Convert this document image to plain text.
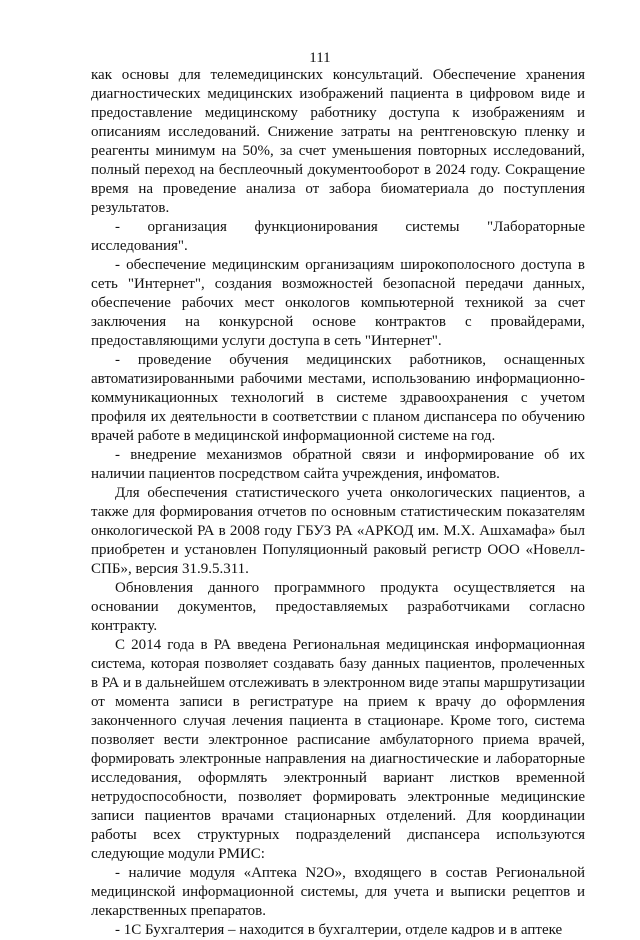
111

как основы для телемедицинских консультаций. Обеспечение хранения диагностических медицинских изображений пациента в цифровом виде и предоставление медицинскому работнику доступа к изображениям и описаниям исследований. Снижение затраты на рентгеновскую пленку и реагенты минимум на 50%, за счет уменьшения повторных исследований, полный переход на бесплеочный документооборот в 2024 году. Сокращение время на проведение анализа от забора биоматериала до поступления результатов.

- организация функционирования системы "Лабораторные исследования".

- обеспечение медицинским организациям широкополосного доступа в сеть "Интернет", создания возможностей безопасной передачи данных, обеспечение рабочих мест онкологов компьютерной техникой за счет заключения на конкурсной основе контрактов с провайдерами, предоставляющими услуги доступа в сеть "Интернет".

- проведение обучения медицинских работников, оснащенных автоматизированными рабочими местами, использованию информационно-коммуникационных технологий в системе здравоохранения с учетом профиля их деятельности в соответствии с планом диспансера по обучению врачей работе в медицинской информационной системе на год.

- внедрение механизмов обратной связи и информирование об их наличии пациентов посредством сайта учреждения, инфоматов.

Для обеспечения статистического учета онкологических пациентов, а также для формирования отчетов по основным статистическим показателям онкологической РА в 2008 году ГБУЗ РА «АРКОД им. М.Х. Ашхамафа» был приобретен и установлен Популяционный раковый регистр ООО «Новелл-СПБ», версия 31.9.5.311.

Обновления данного программного продукта осуществляется на основании документов, предоставляемых разработчиками согласно контракту.

С 2014 года в РА введена Региональная медицинская информационная система, которая позволяет создавать базу данных пациентов, пролеченных в РА и в дальнейшем отслеживать в электронном виде этапы маршрутизации от момента записи в регистратуре на прием к врачу до оформления законченного случая лечения пациента в стационаре. Кроме того, система позволяет вести электронное расписание амбулаторного приема врачей, формировать электронные направления на диагностические и лабораторные исследования, оформлять электронный вариант листков временной нетрудоспособности, позволяет формировать электронные медицинские записи пациентов врачами стационарных отделений. Для координации работы всех структурных подразделений диспансера используются следующие модули РМИС:

- наличие модуля «Аптека N2O», входящего в состав Региональной медицинской информационной системы, для учета и выписки рецептов и лекарственных препаратов.

- 1С Бухгалтерия – находится в бухгалтерии, отделе кадров и в аптеке
